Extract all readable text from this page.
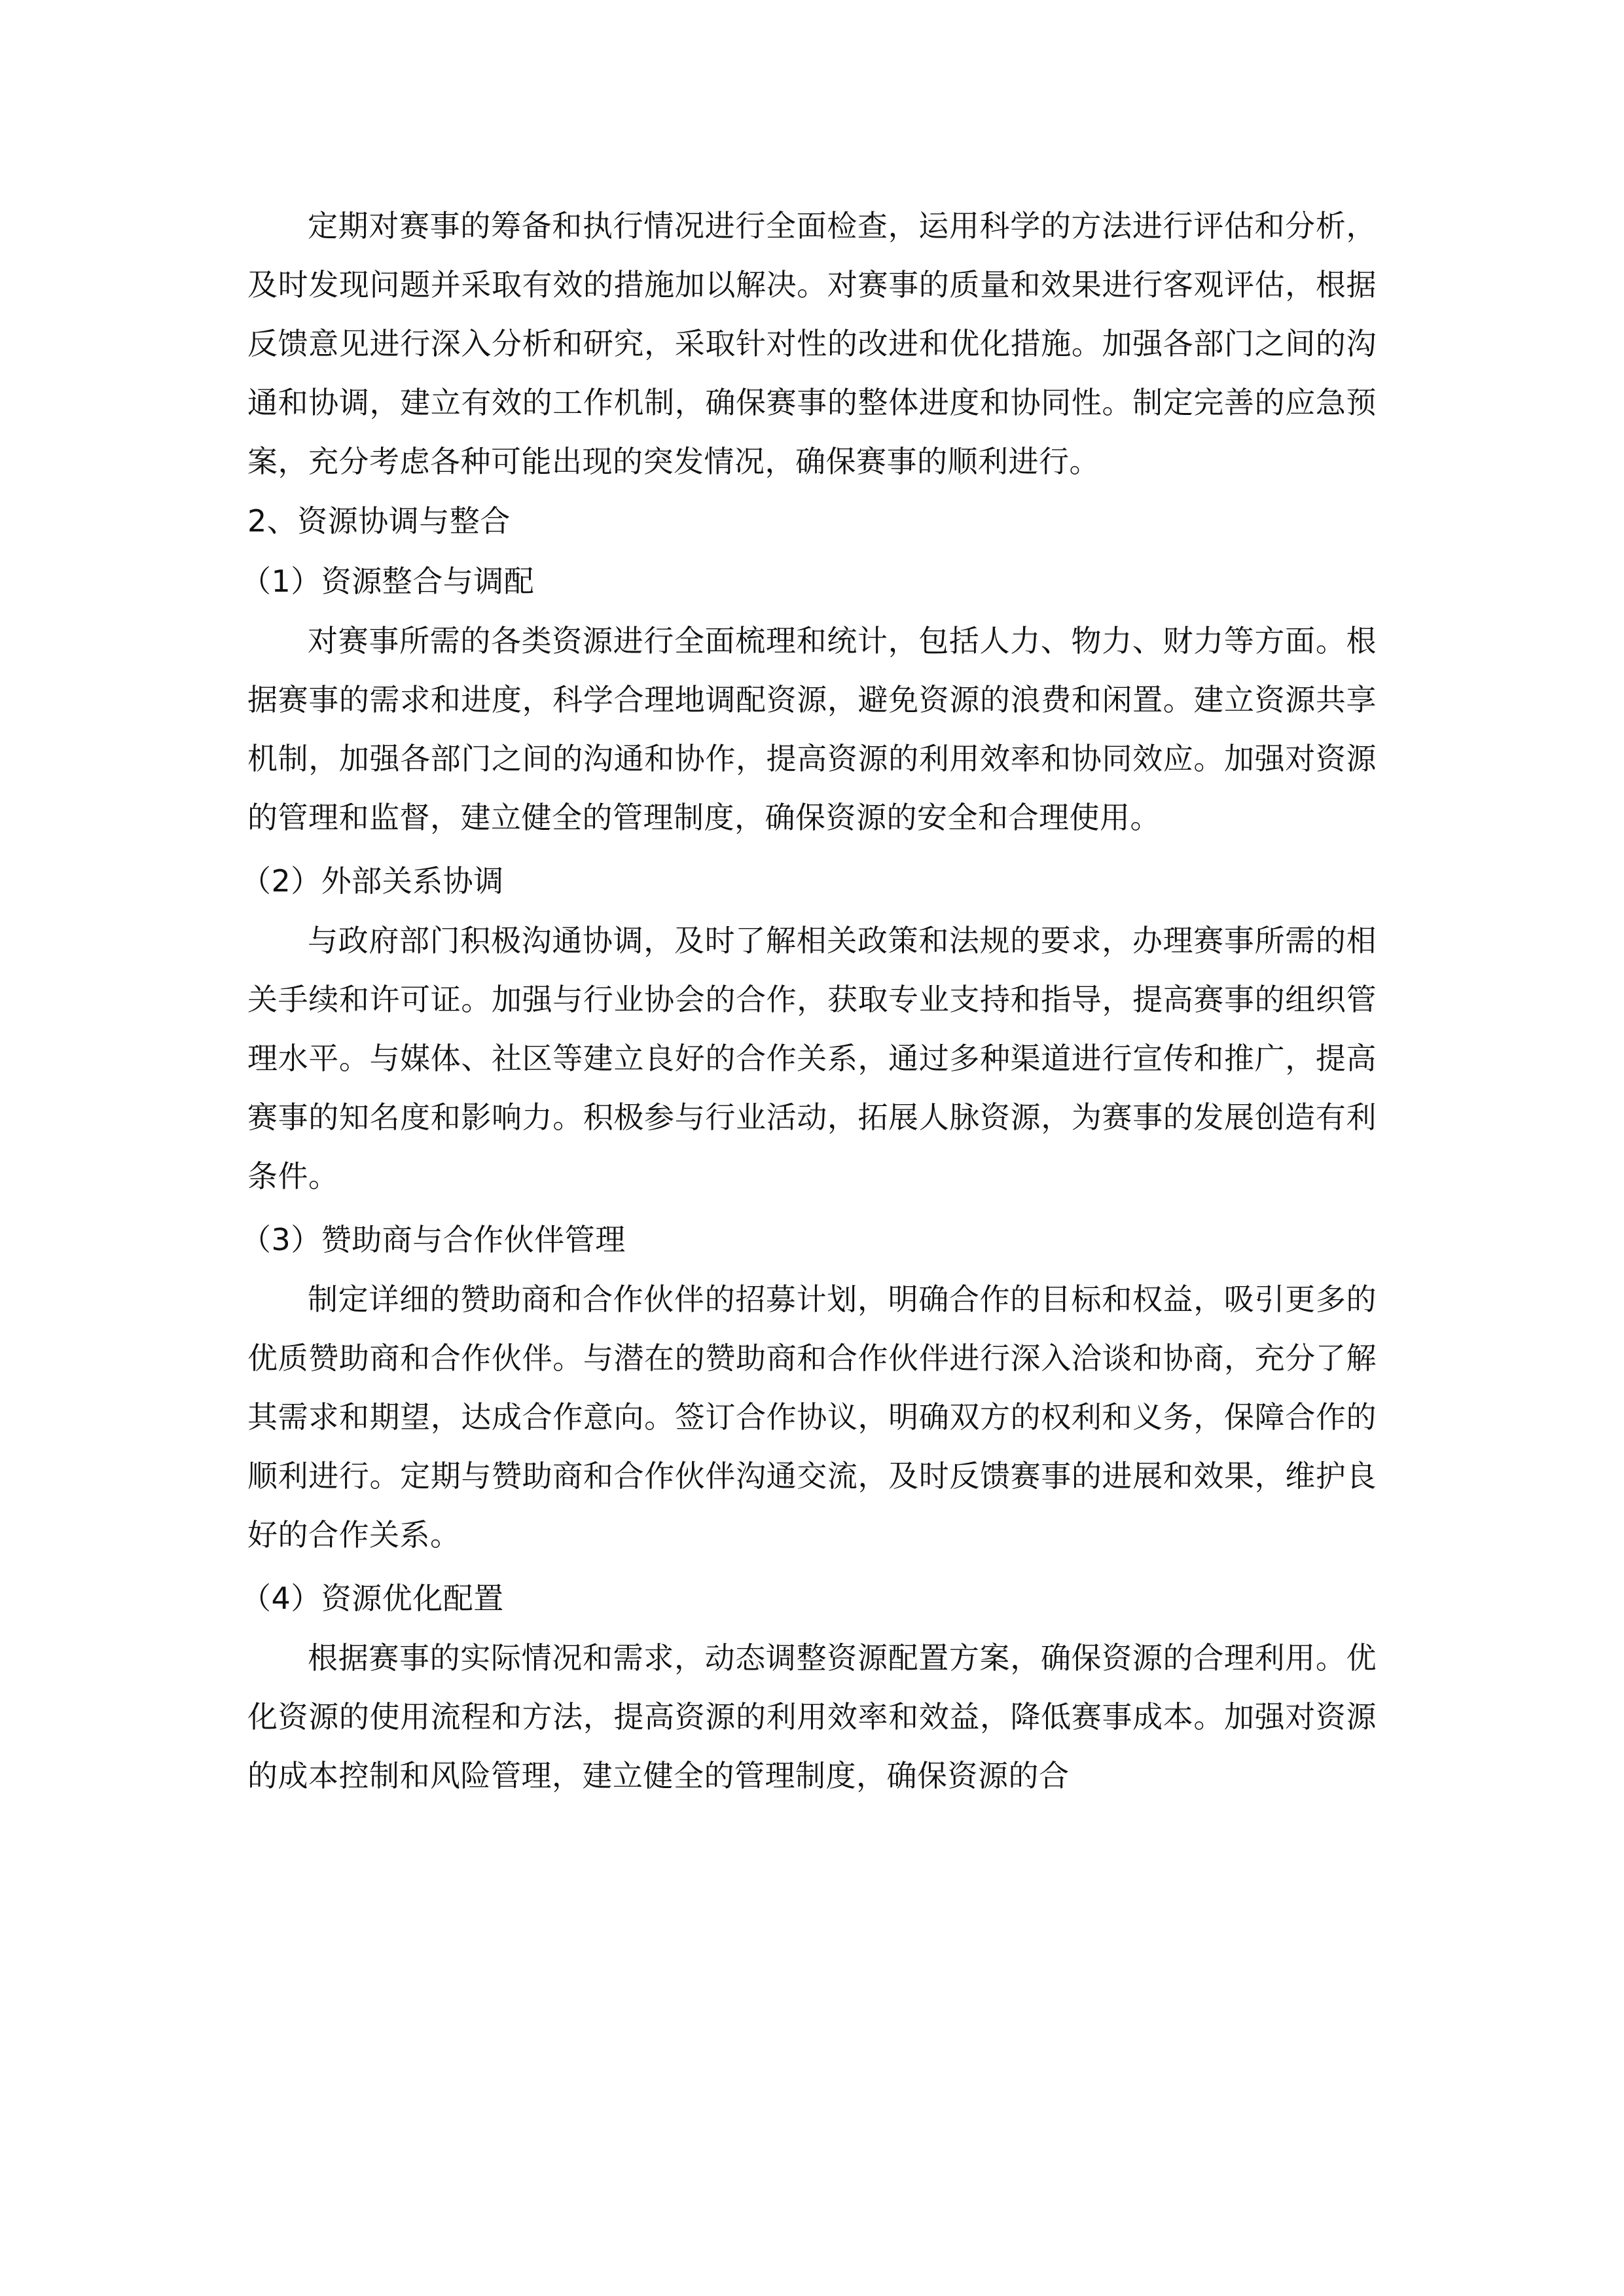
定期对赛事的筹备和执行情况进行全面检查，运用科学的方法进行评估和分析，及时发现问题并采取有效的措施加以解决。对赛事的质量和效果进行客观评估，根据反馈意见进行深入分析和研究，采取针对性的改进和优化措施。加强各部门之间的沟通和协调，建立有效的工作机制，确保赛事的整体进度和协同性。制定完善的应急预案，充分考虑各种可能出现的突发情况，确保赛事的顺利进行。

2、资源协调与整合

（1）资源整合与调配

对赛事所需的各类资源进行全面梳理和统计，包括人力、物力、财力等方面。根据赛事的需求和进度，科学合理地调配资源，避免资源的浪费和闲置。建立资源共享机制，加强各部门之间的沟通和协作，提高资源的利用效率和协同效应。加强对资源的管理和监督，建立健全的管理制度，确保资源的安全和合理使用。

（2）外部关系协调

与政府部门积极沟通协调，及时了解相关政策和法规的要求，办理赛事所需的相关手续和许可证。加强与行业协会的合作，获取专业支持和指导，提高赛事的组织管理水平。与媒体、社区等建立良好的合作关系，通过多种渠道进行宣传和推广，提高赛事的知名度和影响力。积极参与行业活动，拓展人脉资源，为赛事的发展创造有利条件。

（3）赞助商与合作伙伴管理

制定详细的赞助商和合作伙伴的招募计划，明确合作的目标和权益，吸引更多的优质赞助商和合作伙伴。与潜在的赞助商和合作伙伴进行深入洽谈和协商，充分了解其需求和期望，达成合作意向。签订合作协议，明确双方的权利和义务，保障合作的顺利进行。定期与赞助商和合作伙伴沟通交流，及时反馈赛事的进展和效果，维护良好的合作关系。

（4）资源优化配置

根据赛事的实际情况和需求，动态调整资源配置方案，确保资源的合理利用。优化资源的使用流程和方法，提高资源的利用效率和效益，降低赛事成本。加强对资源的成本控制和风险管理，建立健全的管理制度，确保资源的合
